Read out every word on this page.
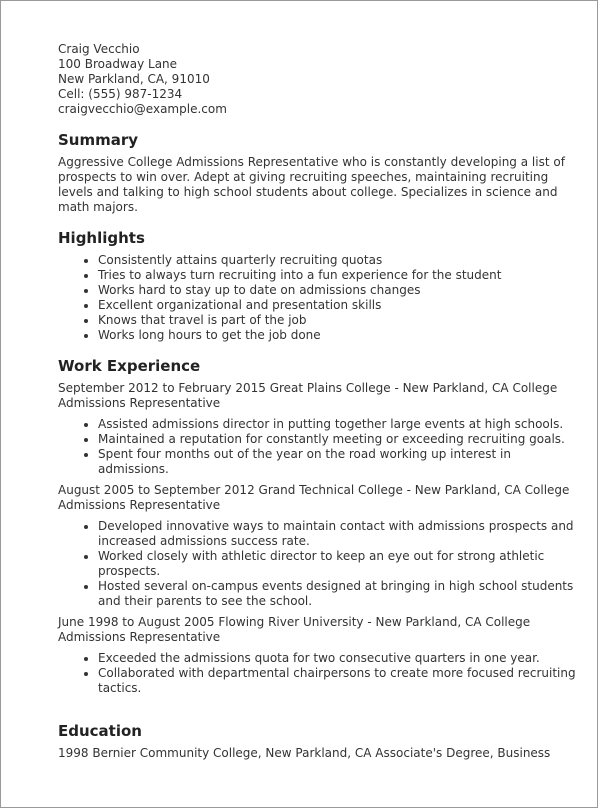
Craig Vecchio
100 Broadway Lane
New Parkland, CA, 91010
Cell: (555) 987-1234
craigvecchio@example.com
Summary

Aggressive College Admissions Representative who is constantly developing a list of prospects to win over. Adept at giving recruiting speeches, maintaining recruiting levels and talking to high school students about college. Specializes in science and math majors.

Highlights
• Consistently attains quarterly recruiting quotas
• Tries to always turn recruiting into a fun experience for the student
• Works hard to stay up to date on admissions changes
• Excellent organizational and presentation skills
• Knows that travel is part of the job
• Works long hours to get the job done
Work Experience

September 2012 to February 2015 Great Plains College - New Parkland, CA College Admissions Representative

• Assisted admissions director in putting together large events at high schools.
• Maintained a reputation for constantly meeting or exceeding recruiting goals.
• Spent four months out of the year on the road working up interest in admissions.

August 2005 to September 2012 Grand Technical College - New Parkland, CA College Admissions Representative

• Developed innovative ways to maintain contact with admissions prospects and increased admissions success rate.
• Worked closely with athletic director to keep an eye out for strong athletic prospects.
• Hosted several on-campus events designed at bringing in high school students and their parents to see the school.

June 1998 to August 2005 Flowing River University - New Parkland, CA College Admissions Representative

• Exceeded the admissions quota for two consecutive quarters in one year.
• Collaborated with departmental chairpersons to create more focused recruiting tactics.
Education

1998 Bernier Community College, New Parkland, CA Associate's Degree, Business
